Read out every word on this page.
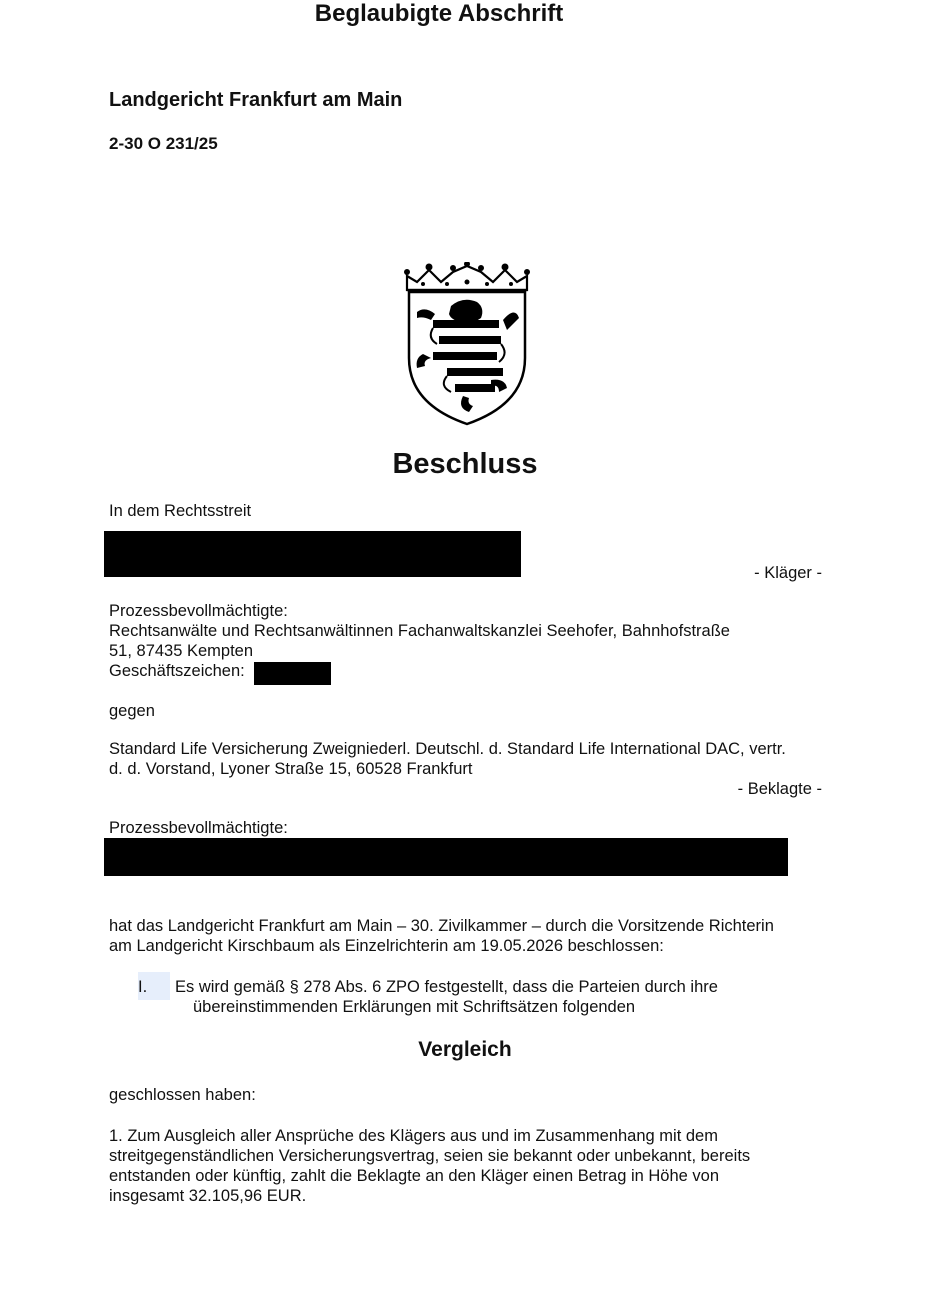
Beglaubigte Abschrift
Landgericht Frankfurt am Main
2-30 O 231/25
Beschluss
In dem Rechtsstreit
- Kläger -
Prozessbevollmächtigte:
Rechtsanwälte und Rechtsanwältinnen Fachanwaltskanzlei Seehofer, Bahnhofstraße
51, 87435 Kempten
Geschäftszeichen:
gegen
Standard Life Versicherung Zweigniederl. Deutschl. d. Standard Life International DAC, vertr.
d. d. Vorstand, Lyoner Straße 15, 60528 Frankfurt
- Beklagte -
Prozessbevollmächtigte:
hat das Landgericht Frankfurt am Main – 30. Zivilkammer – durch die Vorsitzende Richterin
am Landgericht Kirschbaum als Einzelrichterin am 19.05.2026 beschlossen:
I. Es wird gemäß § 278 Abs. 6 ZPO festgestellt, dass die Parteien durch ihre
übereinstimmenden Erklärungen mit Schriftsätzen folgenden
Vergleich
geschlossen haben:
1. Zum Ausgleich aller Ansprüche des Klägers aus und im Zusammenhang mit dem
streitgegenständlichen Versicherungsvertrag, seien sie bekannt oder unbekannt, bereits
entstanden oder künftig, zahlt die Beklagte an den Kläger einen Betrag in Höhe von
insgesamt 32.105,96 EUR.
